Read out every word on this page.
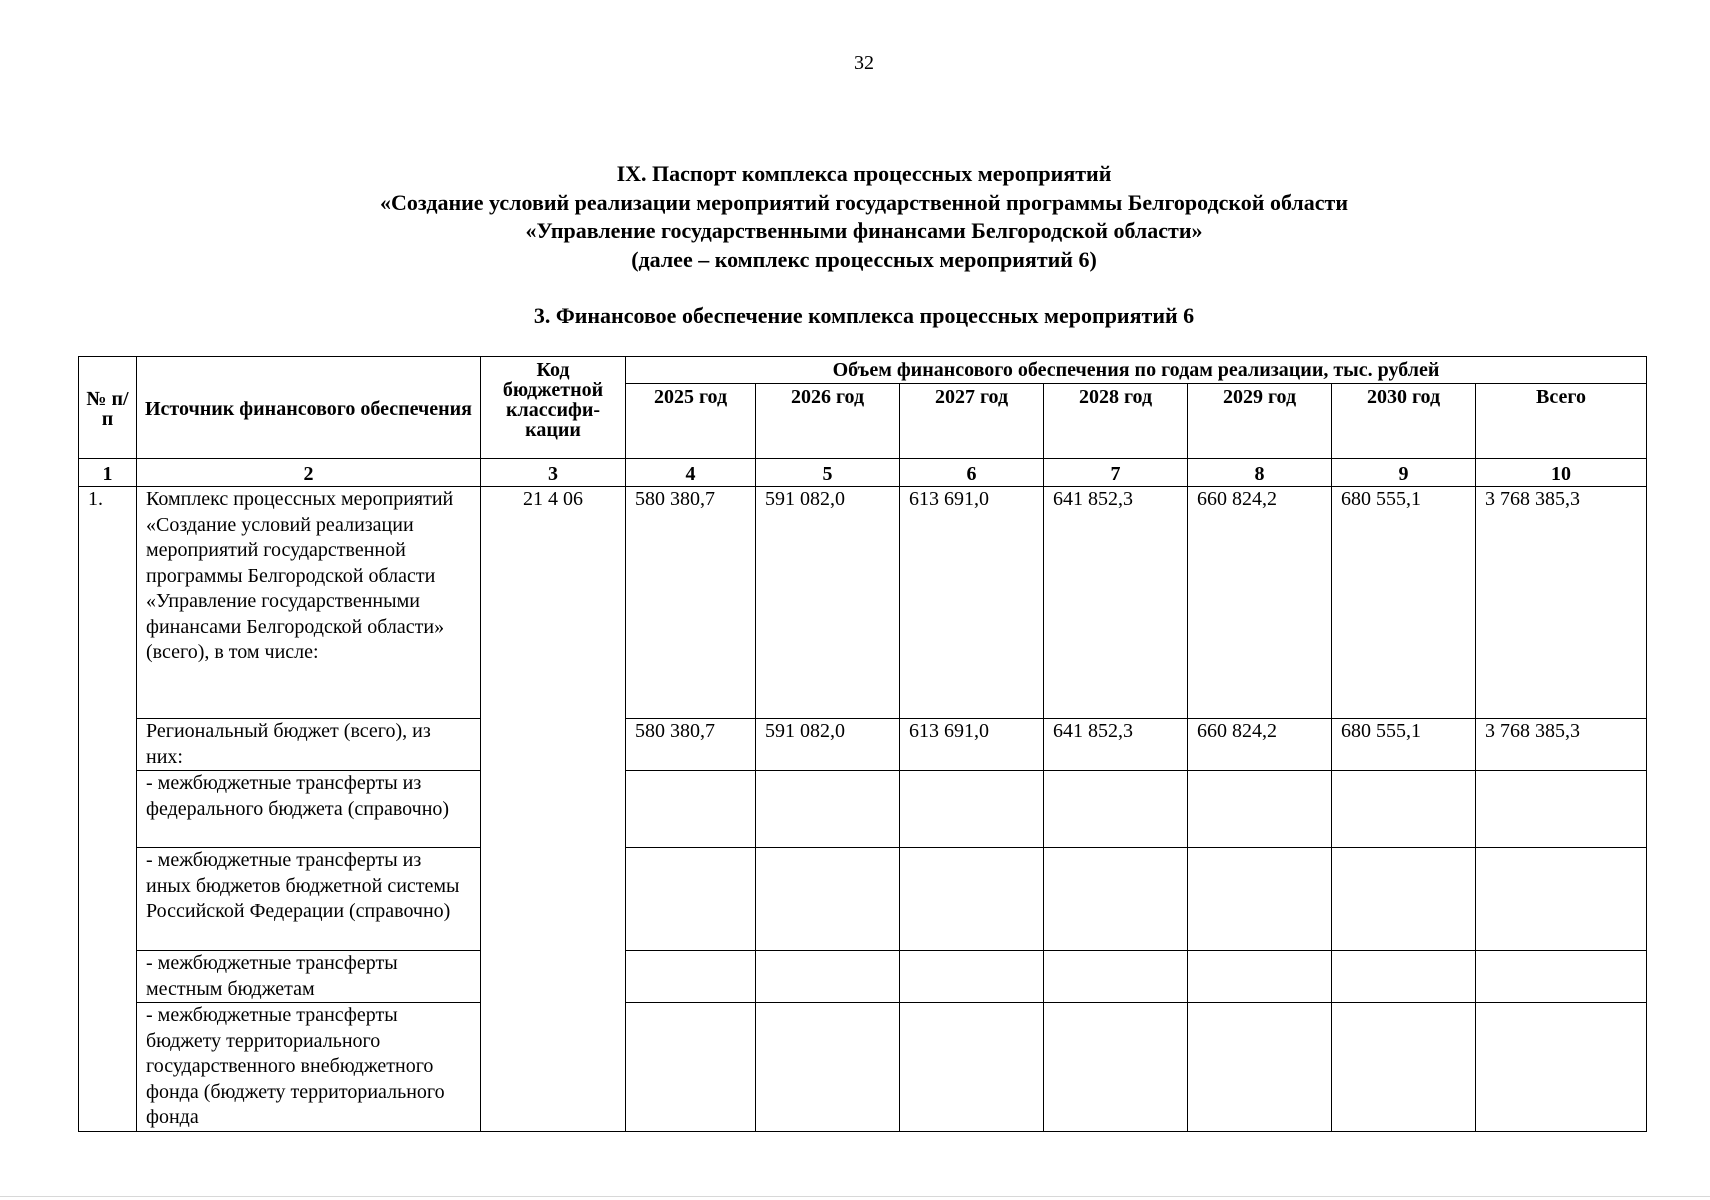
32
IX. Паспорт комплекса процессных мероприятий
«Создание условий реализации мероприятий государственной программы Белгородской области
«Управление государственными финансами Белгородской области»
(далее – комплекс процессных мероприятий 6)
3. Финансовое обеспечение комплекса процессных мероприятий 6
№ п/п	Источник финансового обеспечения	Код бюджетной классифи-кации	Объем финансового обеспечения по годам реализации, тыс. рублей						
			2025 год	2026 год	2027 год	2028 год	2029 год	2030 год	Всего
1	2	3	4	5	6	7	8	9	10
1.	Комплекс процессных мероприятий «Создание условий реализации мероприятий государственной программы Белгородской области «Управление государственными финансами Белгородской области» (всего), в том числе:	21 4 06	580 380,7	591 082,0	613 691,0	641 852,3	660 824,2	680 555,1	3 768 385,3
	Региональный бюджет (всего), из них:		580 380,7	591 082,0	613 691,0	641 852,3	660 824,2	680 555,1	3 768 385,3
	- межбюджетные трансферты из федерального бюджета (справочно)								
	- межбюджетные трансферты из иных бюджетов бюджетной системы Российской Федерации (справочно)								
	- межбюджетные трансферты местным бюджетам								
	- межбюджетные трансферты бюджету территориального государственного внебюджетного фонда (бюджету территориального фонда								
